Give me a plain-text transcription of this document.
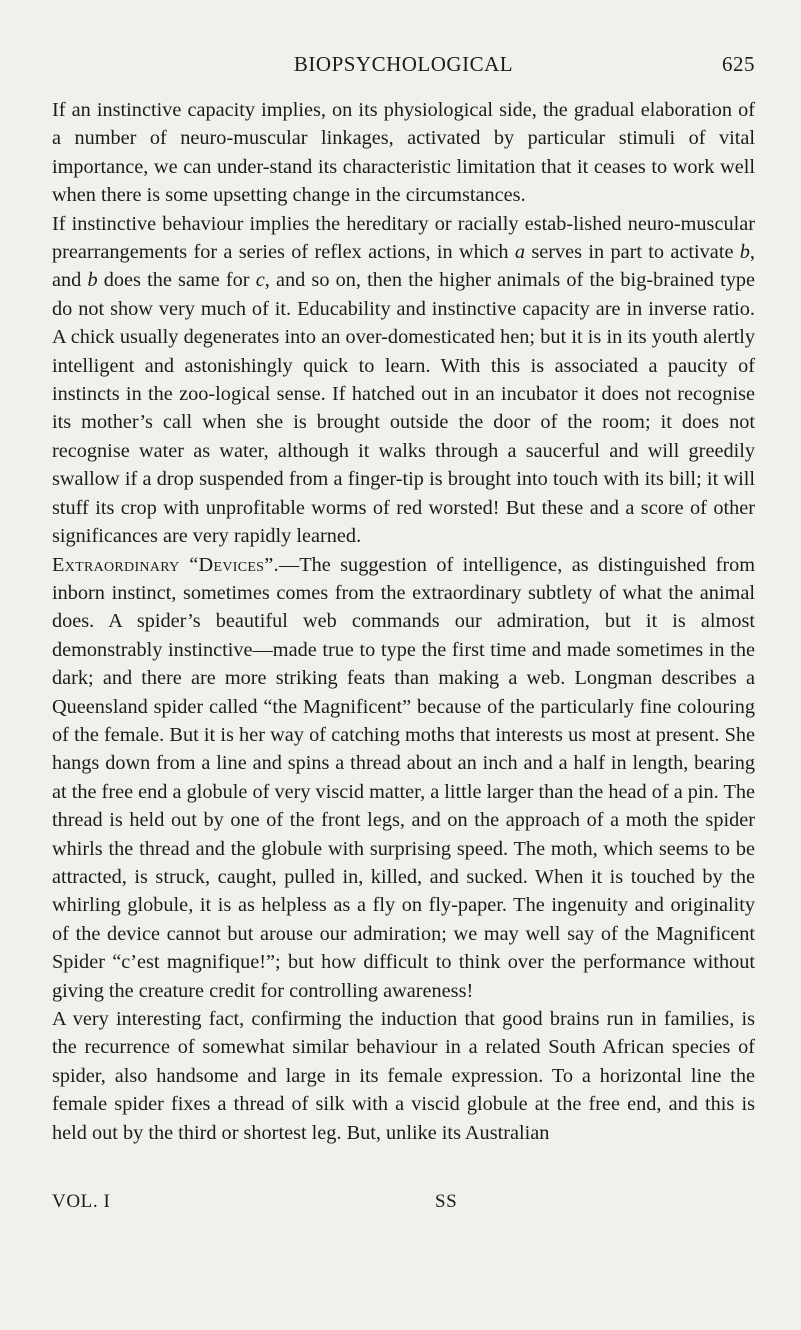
BIOPSYCHOLOGICAL	625

If an instinctive capacity implies, on its physiological side, the gradual elaboration of a number of neuro-muscular linkages, activated by particular stimuli of vital importance, we can under-stand its characteristic limitation that it ceases to work well when there is some upsetting change in the circumstances.

If instinctive behaviour implies the hereditary or racially estab-lished neuro-muscular prearrangements for a series of reflex actions, in which a serves in part to activate b, and b does the same for c, and so on, then the higher animals of the big-brained type do not show very much of it. Educability and instinctive capacity are in inverse ratio. A chick usually degenerates into an over-domesticated hen; but it is in its youth alertly intelligent and astonishingly quick to learn. With this is associated a paucity of instincts in the zoo-logical sense. If hatched out in an incubator it does not recognise its mother’s call when she is brought outside the door of the room; it does not recognise water as water, although it walks through a saucerful and will greedily swallow if a drop suspended from a finger-tip is brought into touch with its bill; it will stuff its crop with unprofitable worms of red worsted! But these and a score of other significances are very rapidly learned.

Extraordinary “Devices”.—The suggestion of intelligence, as distinguished from inborn instinct, sometimes comes from the extraordinary subtlety of what the animal does. A spider’s beautiful web commands our admiration, but it is almost demonstrably instinctive—made true to type the first time and made sometimes in the dark; and there are more striking feats than making a web. Longman describes a Queensland spider called “the Magnificent” because of the particularly fine colouring of the female. But it is her way of catching moths that interests us most at present. She hangs down from a line and spins a thread about an inch and a half in length, bearing at the free end a globule of very viscid matter, a little larger than the head of a pin. The thread is held out by one of the front legs, and on the approach of a moth the spider whirls the thread and the globule with surprising speed. The moth, which seems to be attracted, is struck, caught, pulled in, killed, and sucked. When it is touched by the whirling globule, it is as helpless as a fly on fly-paper. The ingenuity and originality of the device cannot but arouse our admiration; we may well say of the Magnificent Spider “c’est magnifique!”; but how difficult to think over the performance without giving the creature credit for controlling awareness!

A very interesting fact, confirming the induction that good brains run in families, is the recurrence of somewhat similar behaviour in a related South African species of spider, also handsome and large in its female expression. To a horizontal line the female spider fixes a thread of silk with a viscid globule at the free end, and this is held out by the third or shortest leg. But, unlike its Australian

VOL. I	SS
